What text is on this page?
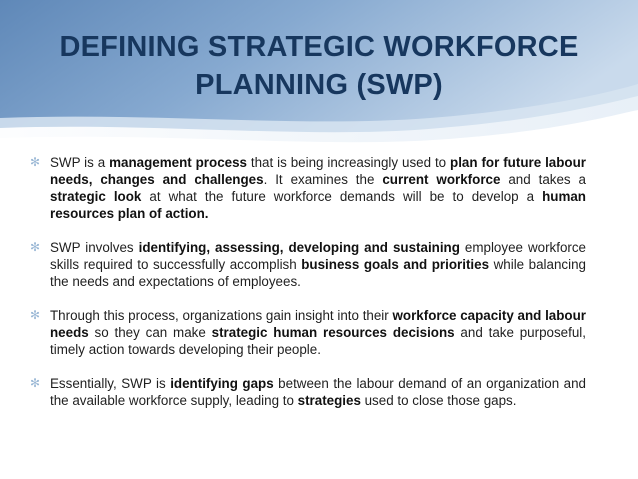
DEFINING STRATEGIC WORKFORCE
PLANNING (SWP)
✻ SWP is a management process that is being increasingly used to plan for future labour needs, changes and challenges. It examines the current workforce and takes a strategic look at what the future workforce demands will be to develop a human resources plan of action.
✻ SWP involves identifying, assessing, developing and sustaining employee workforce skills required to successfully accomplish business goals and priorities while balancing the needs and expectations of employees.
✻ Through this process, organizations gain insight into their workforce capacity and labour needs so they can make strategic human resources decisions and take purposeful, timely action towards developing their people.
✻ Essentially, SWP is identifying gaps between the labour demand of an organization and the available workforce supply, leading to strategies used to close those gaps.
